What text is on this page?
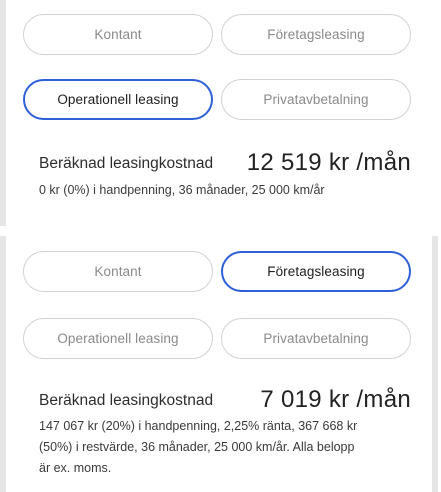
Kontant	Företagsleasing
Operationell leasing	Privatavbetalning
Beräknad leasingkostnad 12 519 kr /mån
0 kr (0%) i handpenning, 36 månader, 25 000 km/år
Kontant	Företagsleasing
Operationell leasing	Privatavbetalning
Beräknad leasingkostnad 7 019 kr /mån
147 067 kr (20%) i handpenning, 2,25% ränta, 367 668 kr
(50%) i restvärde, 36 månader, 25 000 km/år. Alla belopp
är ex. moms.
